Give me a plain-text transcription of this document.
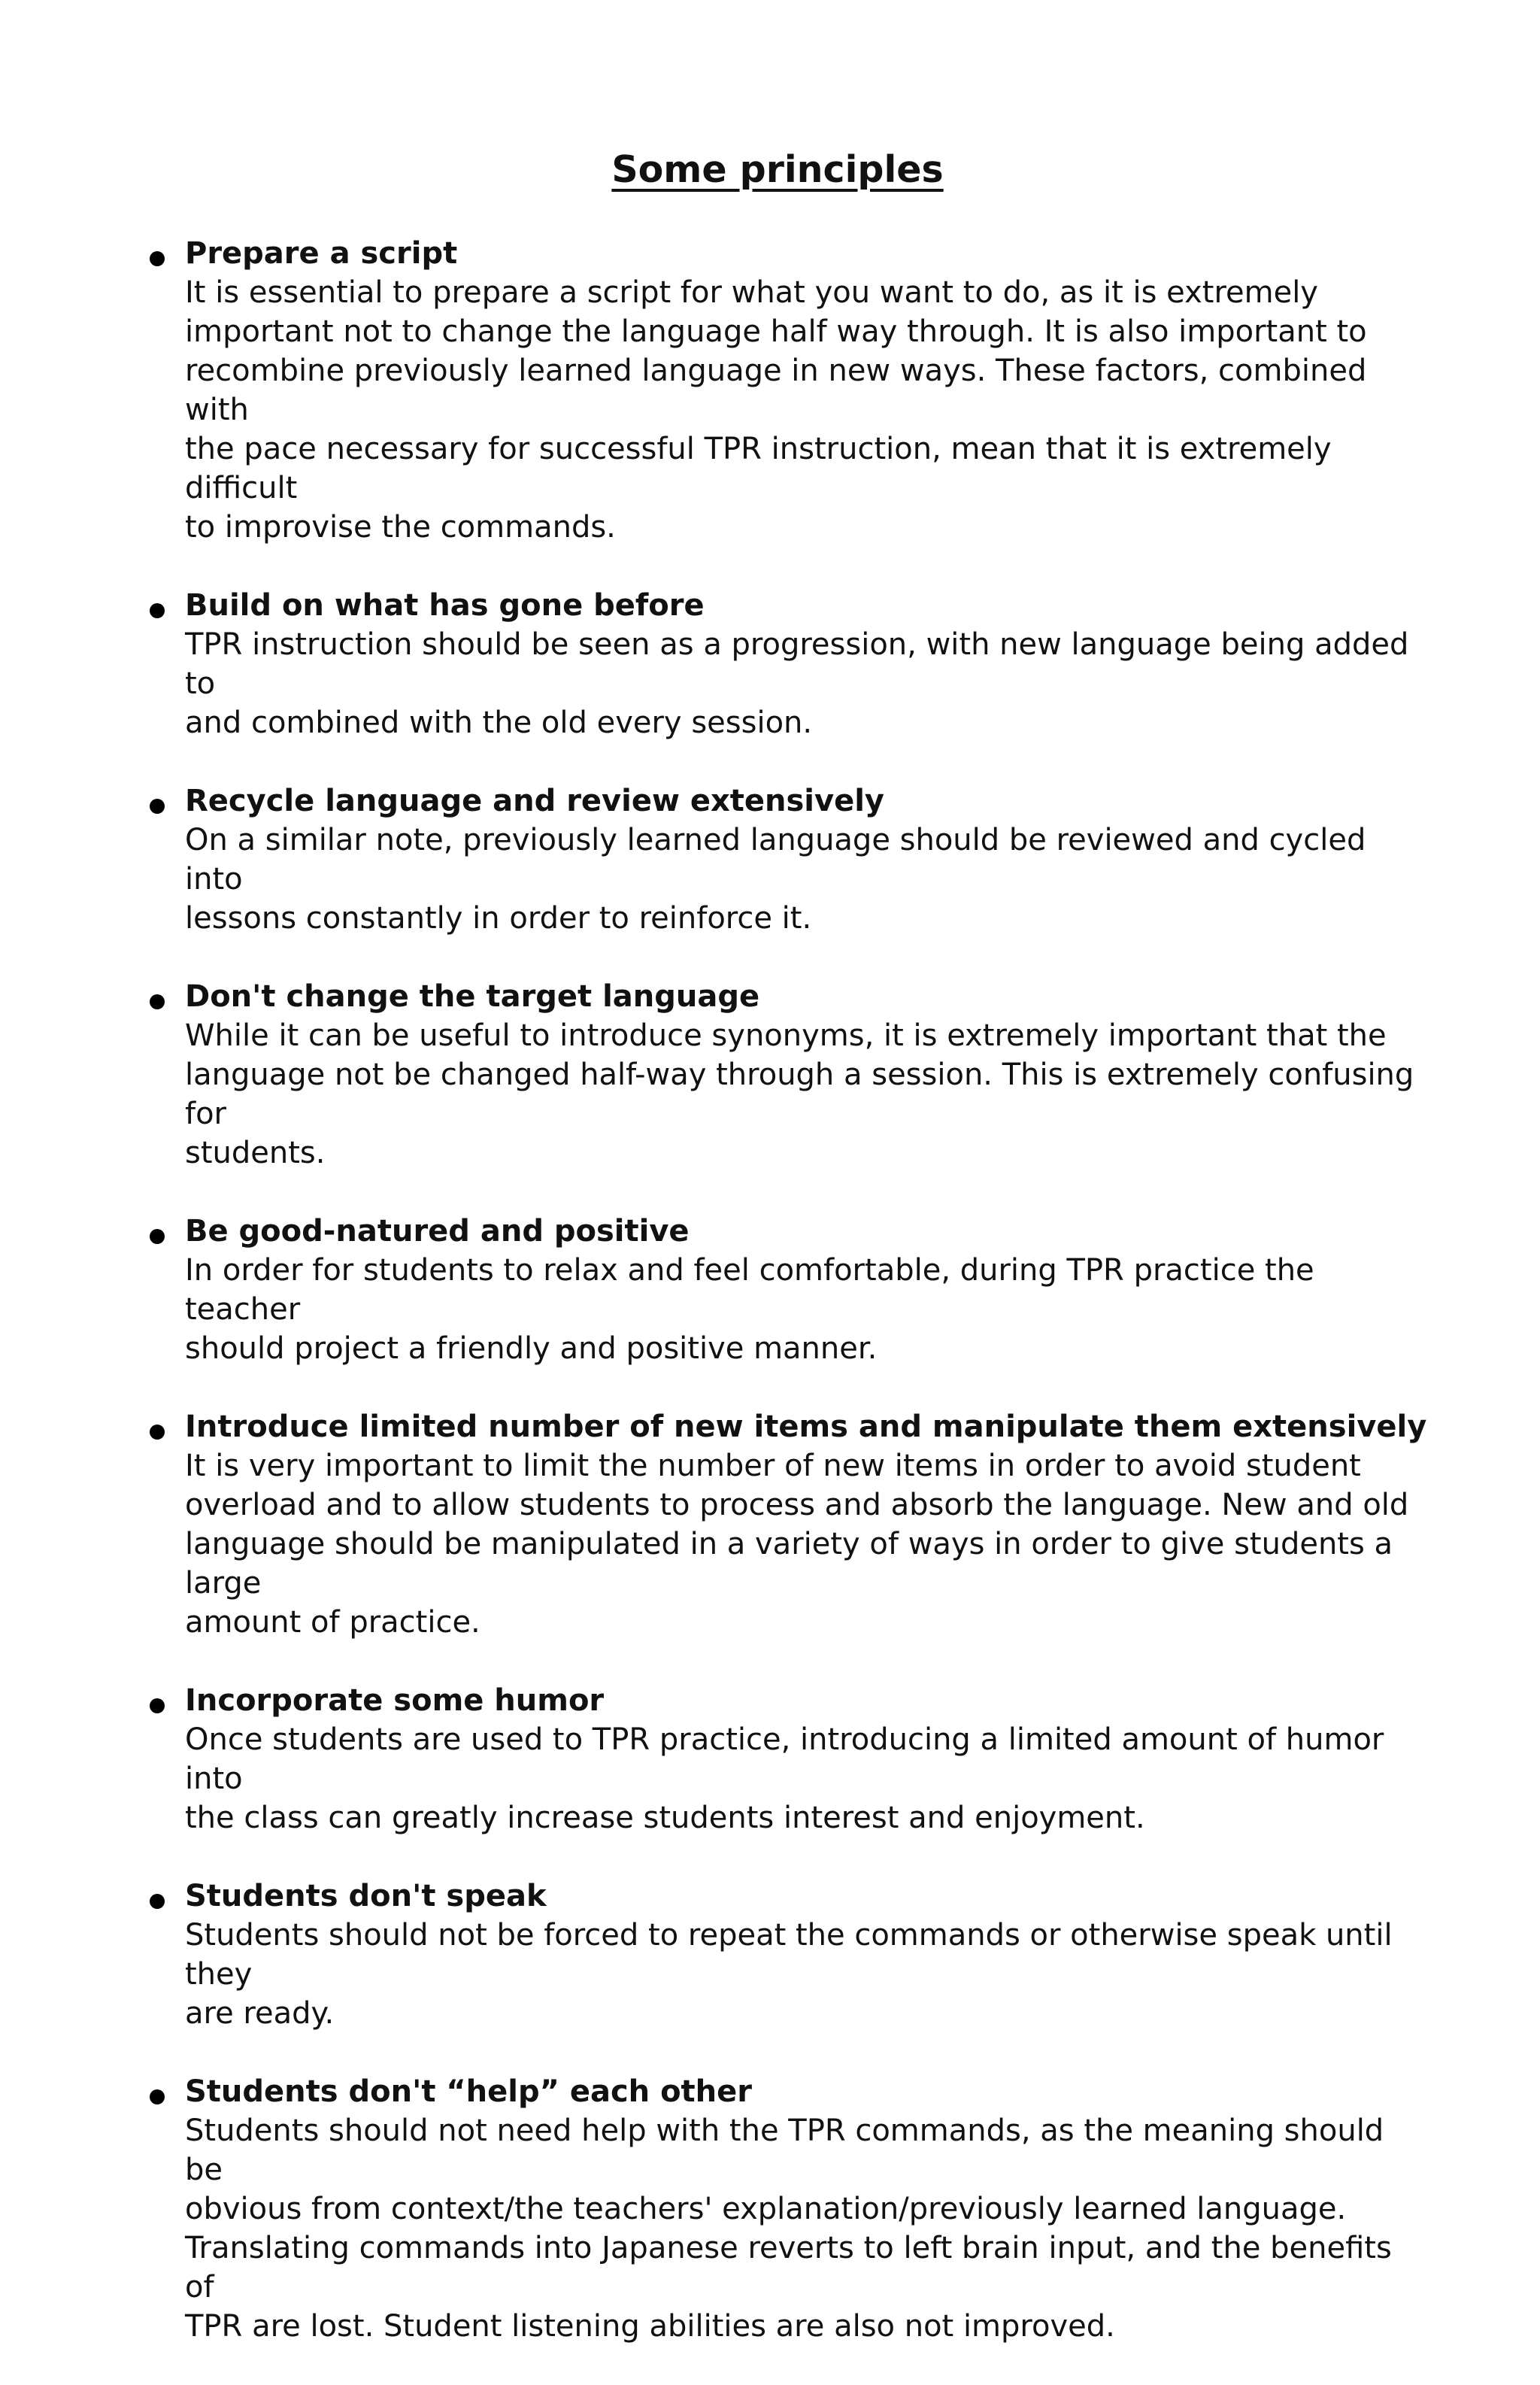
Some principles

Prepare a script

It is essential to prepare a script for what you want to do, as it is extremely
important not to change the language half way through. It is also important to
recombine previously learned language in new ways. These factors, combined with
the pace necessary for successful TPR instruction, mean that it is extremely difficult
to improvise the commands.

Build on what has gone before

TPR instruction should be seen as a progression, with new language being added to
and combined with the old every session.

Recycle language and review extensively

On a similar note, previously learned language should be reviewed and cycled into
lessons constantly in order to reinforce it.

Don't change the target language

While it can be useful to introduce synonyms, it is extremely important that the
language not be changed half-way through a session. This is extremely confusing for
students.

Be good-natured and positive

In order for students to relax and feel comfortable, during TPR practice the teacher
should project a friendly and positive manner.

Introduce limited number of new items and manipulate them extensively

It is very important to limit the number of new items in order to avoid student
overload and to allow students to process and absorb the language. New and old
language should be manipulated in a variety of ways in order to give students a large
amount of practice.

Incorporate some humor

Once students are used to TPR practice, introducing a limited amount of humor into
the class can greatly increase students interest and enjoyment.

Students don't speak

Students should not be forced to repeat the commands or otherwise speak until they
are ready.

Students don't “help” each other

Students should not need help with the TPR commands, as the meaning should be
obvious from context/the teachers' explanation/previously learned language.
Translating commands into Japanese reverts to left brain input, and the benefits of
TPR are lost. Student listening abilities are also not improved.
